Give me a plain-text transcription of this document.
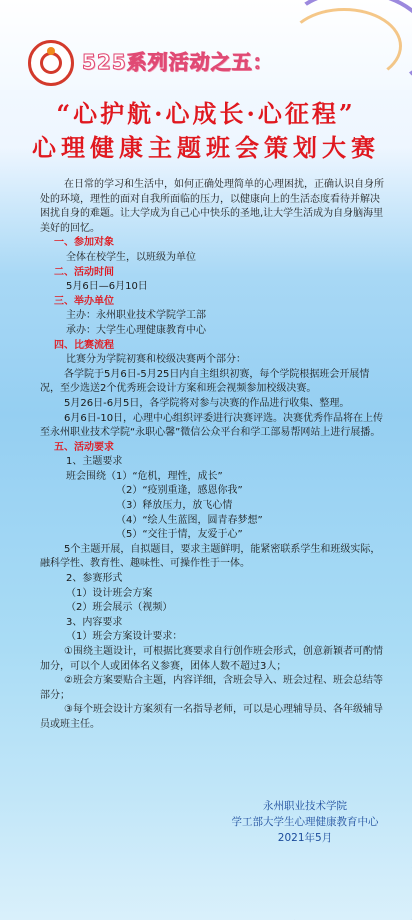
525系列活动之五：
“心护航·心成长·心征程”
心理健康主题班会策划大赛

在日常的学习和生活中，如何正确处理简单的心理困扰，正确认识自身所处的环境，理性的面对自我所面临的压力，以健康向上的生活态度看待并解决困扰自身的难题。让大学成为自己心中快乐的圣地,让大学生活成为自身脑海里美好的回忆。

一、参加对象

全体在校学生，以班级为单位

二、活动时间

5月6日—6月10日

三、举办单位

主办：永州职业技术学院学工部

承办：大学生心理健康教育中心

四、比赛流程

比赛分为学院初赛和校级决赛两个部分：

各学院于5月6日-5月25日内自主组织初赛，每个学院根据班会开展情况，至少选送2个优秀班会设计方案和班会视频参加校级决赛。

5月26日-6月5日，各学院将对参与决赛的作品进行收集、整理。

6月6日-10日，心理中心组织评委进行决赛评选。决赛优秀作品将在上传至永州职业技术学院“永职心馨”微信公众平台和学工部易帮网站上进行展播。

五、活动要求

1、主题要求

班会围绕（1）“危机，理性，成长”

（2）“疫别重逢，感恩你我”

（3）释放压力，放飞心情

（4）“绘人生蓝图，圆青春梦想”

（5）“交往于情，友爱于心”

5个主题开展，自拟题目，要求主题鲜明，能紧密联系学生和班级实际，融科学性、教育性、趣味性、可操作性于一体。

2、参赛形式

（1）设计班会方案

（2）班会展示（视频）

3、内容要求

（1）班会方案设计要求：

①围绕主题设计，可根据比赛要求自行创作班会形式，创意新颖者可酌情加分，可以个人或团体名义参赛，团体人数不超过3人；

②班会方案要贴合主题，内容详细，含班会导入、班会过程、班会总结等部分；

③每个班会设计方案须有一名指导老师，可以是心理辅导员、各年级辅导员或班主任。

永州职业技术学院
学工部大学生心理健康教育中心
2021年5月
